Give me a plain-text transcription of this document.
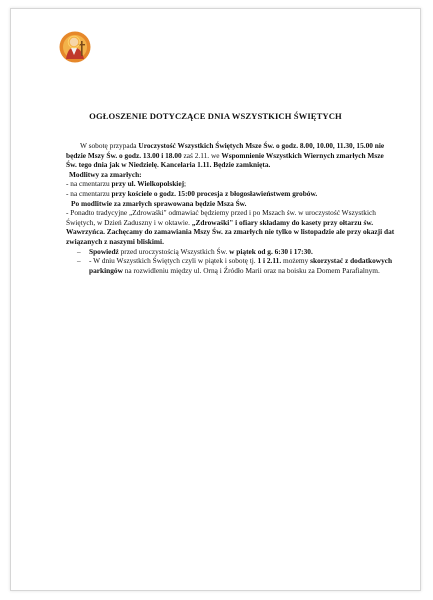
OGŁOSZENIE DOTYCZĄCE DNIA WSZYSTKICH ŚWIĘTYCH

W sobotę przypada Uroczystość Wszystkich Świętych Msze Św. o godz. 8.00, 10.00, 11.30, 15.00 nie będzie Mszy Św. o godz. 13.00 i 18.00 zaś 2.11. we Wspomnienie Wszystkich Wiernych zmarłych Msze Św. tego dnia jak w Niedzielę. Kancelaria 1.11. Będzie zamknięta.

Modlitwy za zmarłych:

- na cmentarzu przy ul. Wielkopolskiej;

- na cmentarzu przy kościele o godz. 15:00 procesja z błogosławieństwem grobów.

Po modlitwie za zmarłych sprawowana będzie Msza Św.

- Ponadto tradycyjne „Zdrowaśki" odmawiać będziemy przed i po Mszach św. w uroczystość Wszystkich Świętych, w Dzień Zaduszny i w oktawie. „Zdrowaśki" i ofiary składamy do kasety przy ołtarzu św. Wawrzyńca. Zachęcamy do zamawiania Mszy Św. za zmarłych nie tylko w listopadzie ale przy okazji dat związanych z naszymi bliskimi.

–	Spowiedź przed uroczystością Wszystkich Św. w piątek od g. 6:30 i 17:30.
–	- W dniu Wszystkich Świętych czyli w piątek i sobotę tj. 1 i 2.11. możemy skorzystać z dodatkowych parkingów na rozwidleniu między ul. Orną i Źródło Marii oraz na boisku za Domem Parafialnym.
